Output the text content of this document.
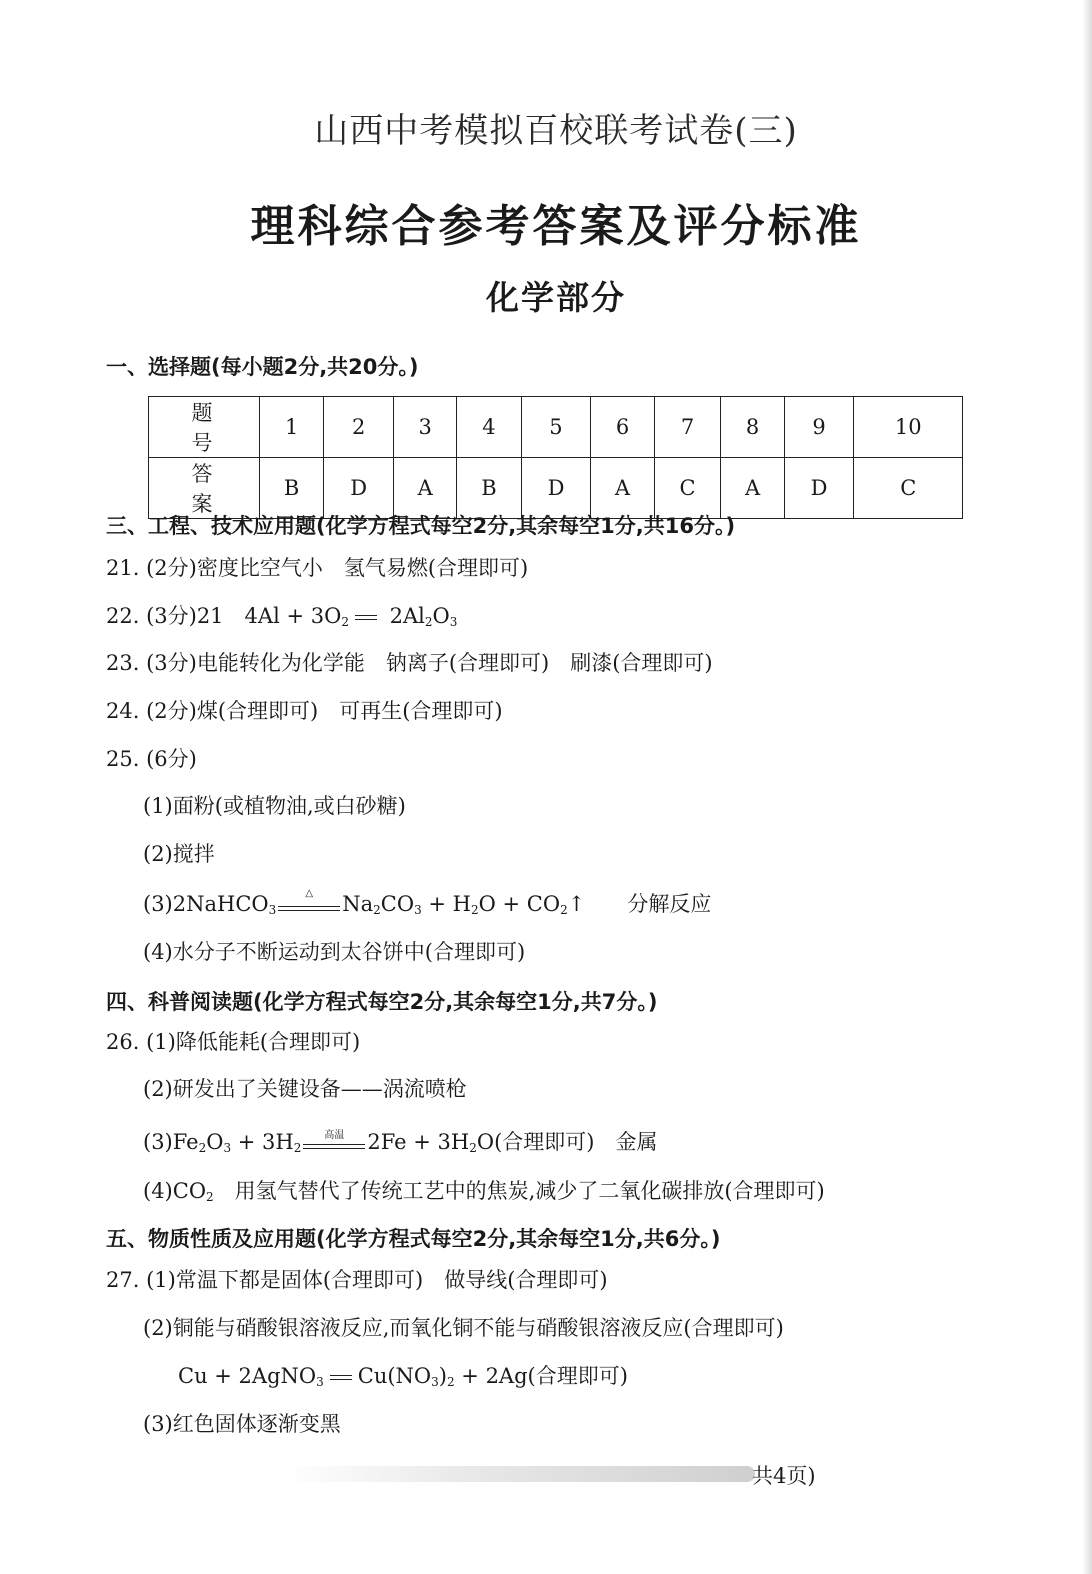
山西中考模拟百校联考试卷(三)
理科综合参考答案及评分标准
化学部分
一、选择题(每小题2分,共20分。)
题 号	1	2	3	4	5	6	7	8	9	10
答 案	B	D	A	B	D	A	C	A	D	C
三、工程、技术应用题(化学方程式每空2分,其余每空1分,共16分。)
21. (2分)密度比空气小　氢气易燃(合理即可)
22. (3分)21　$4Al + 3O_2$ $2Al_2O_3$
23. (3分)电能转化为化学能　钠离子(合理即可)　刷漆(合理即可)
24. (2分)煤(合理即可)　可再生(合理即可)
25. (6分)
(1)面粉(或植物油,或白砂糖)
(2)搅拌
(3)2NaHCO$_3$
△	$Na_2CO_3 + H_2O$ + $CO_2↑$　　分解反应
(4)水分子不断运动到太谷饼中(合理即可)
四、科普阅读题(化学方程式每空2分,其余每空1分,共7分。)
26. (1)降低能耗(合理即可)
(2)研发出了关键设备——涡流喷枪
$(3)Fe_2O_3 + 3H_2$
高温	$2Fe + 3H_2O$(合理即可)　金属
$(4)CO_2$　用氢气替代了传统工艺中的焦炭,减少了二氧化碳排放(合理即可)
五、物质性质及应用题(化学方程式每空2分,其余每空1分,共6分。)
27. (1)常温下都是固体(合理即可)　做导线(合理即可)
(2)铜能与硝酸银溶液反应,而氧化铜不能与硝酸银溶液反应(合理即可)
Cu + 2AgNO$_3$ $Cu(NO_3)_2 + 2Ag$(合理即可)
(3)红色固体逐渐变黑
共4页)
